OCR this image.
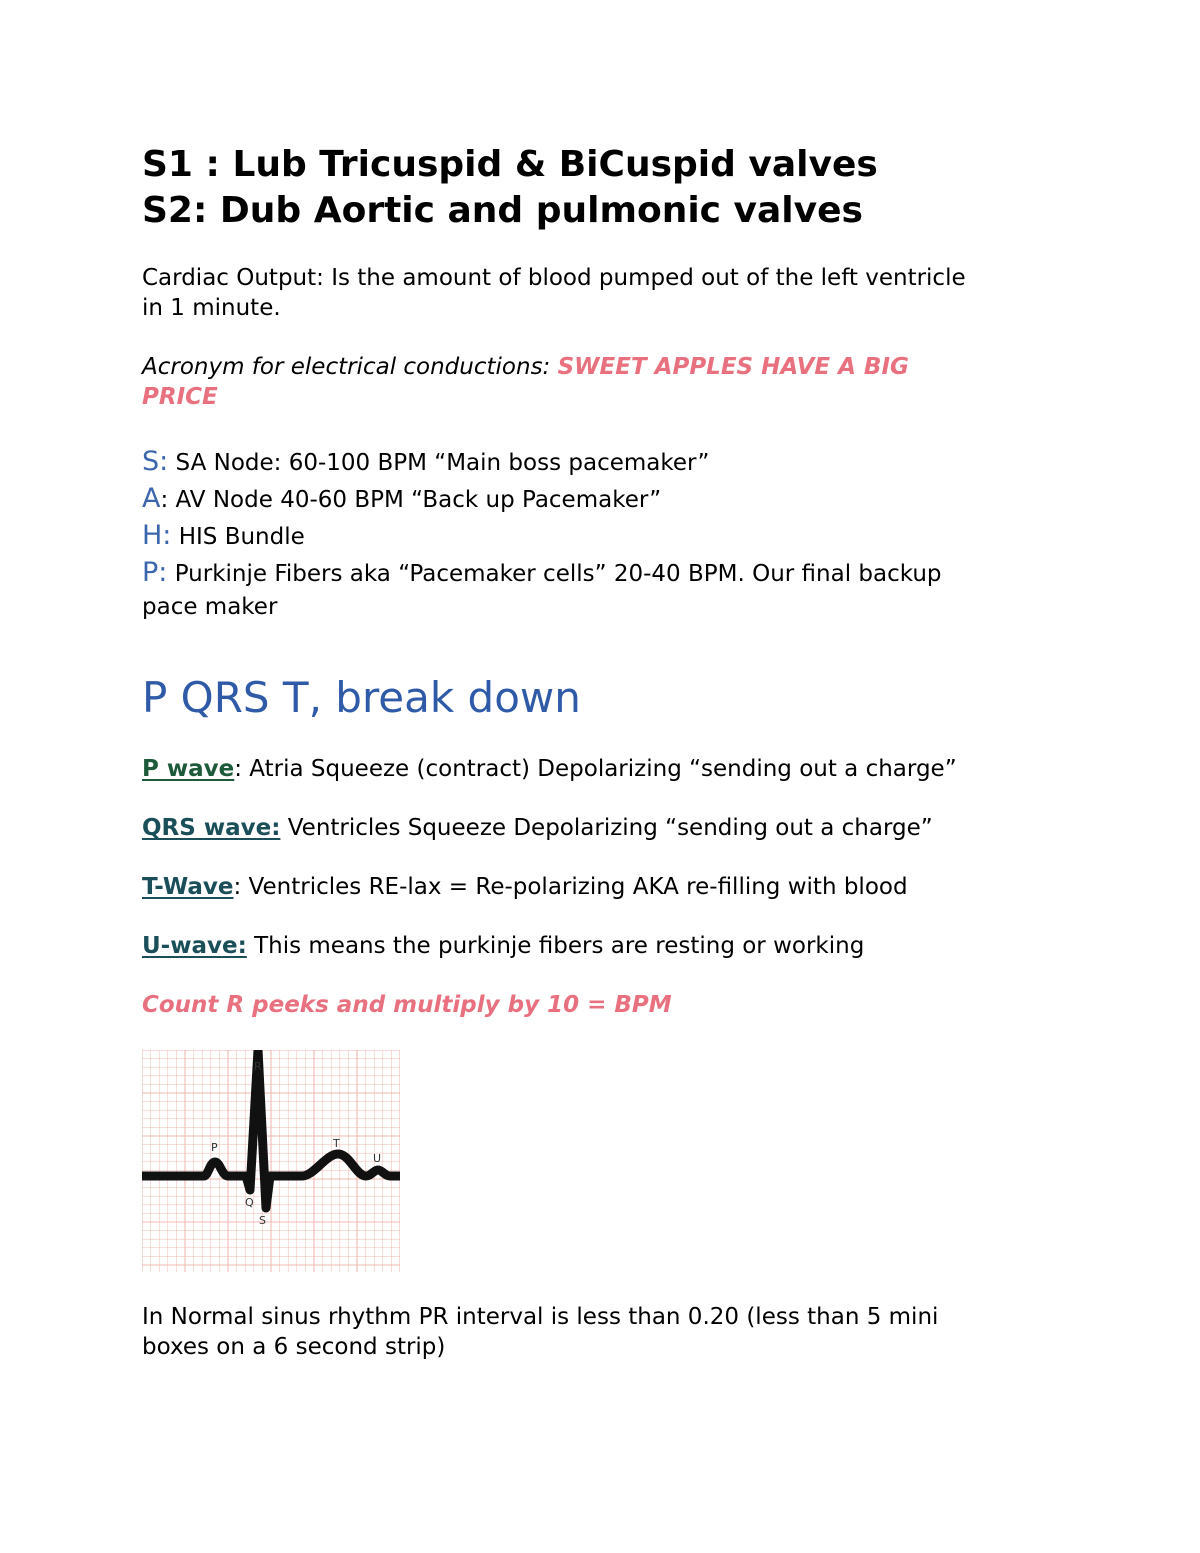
S1 : Lub Tricuspid & BiCuspid valves

S2: Dub Aortic and pulmonic valves

Cardiac Output: Is the amount of blood pumped out of the left ventricle

in 1 minute.

Acronym for electrical conductions: SWEET APPLES HAVE A BIG

PRICE

S: SA Node: 60-100 BPM “Main boss pacemaker”

A: AV Node 40-60 BPM “Back up Pacemaker”

H: HIS Bundle

P: Purkinje Fibers aka “Pacemaker cells” 20-40 BPM. Our final backup

pace maker

P QRS T, break down

P wave: Atria Squeeze (contract) Depolarizing “sending out a charge”

QRS wave: Ventricles Squeeze Depolarizing “sending out a charge”

T-Wave: Ventricles RE-lax = Re-polarizing AKA re-filling with blood

U-wave: This means the purkinje fibers are resting or working

Count R peeks and multiply by 10 = BPM

R
P	T
U
Q
S

In Normal sinus rhythm PR interval is less than 0.20 (less than 5 mini

boxes on a 6 second strip)
